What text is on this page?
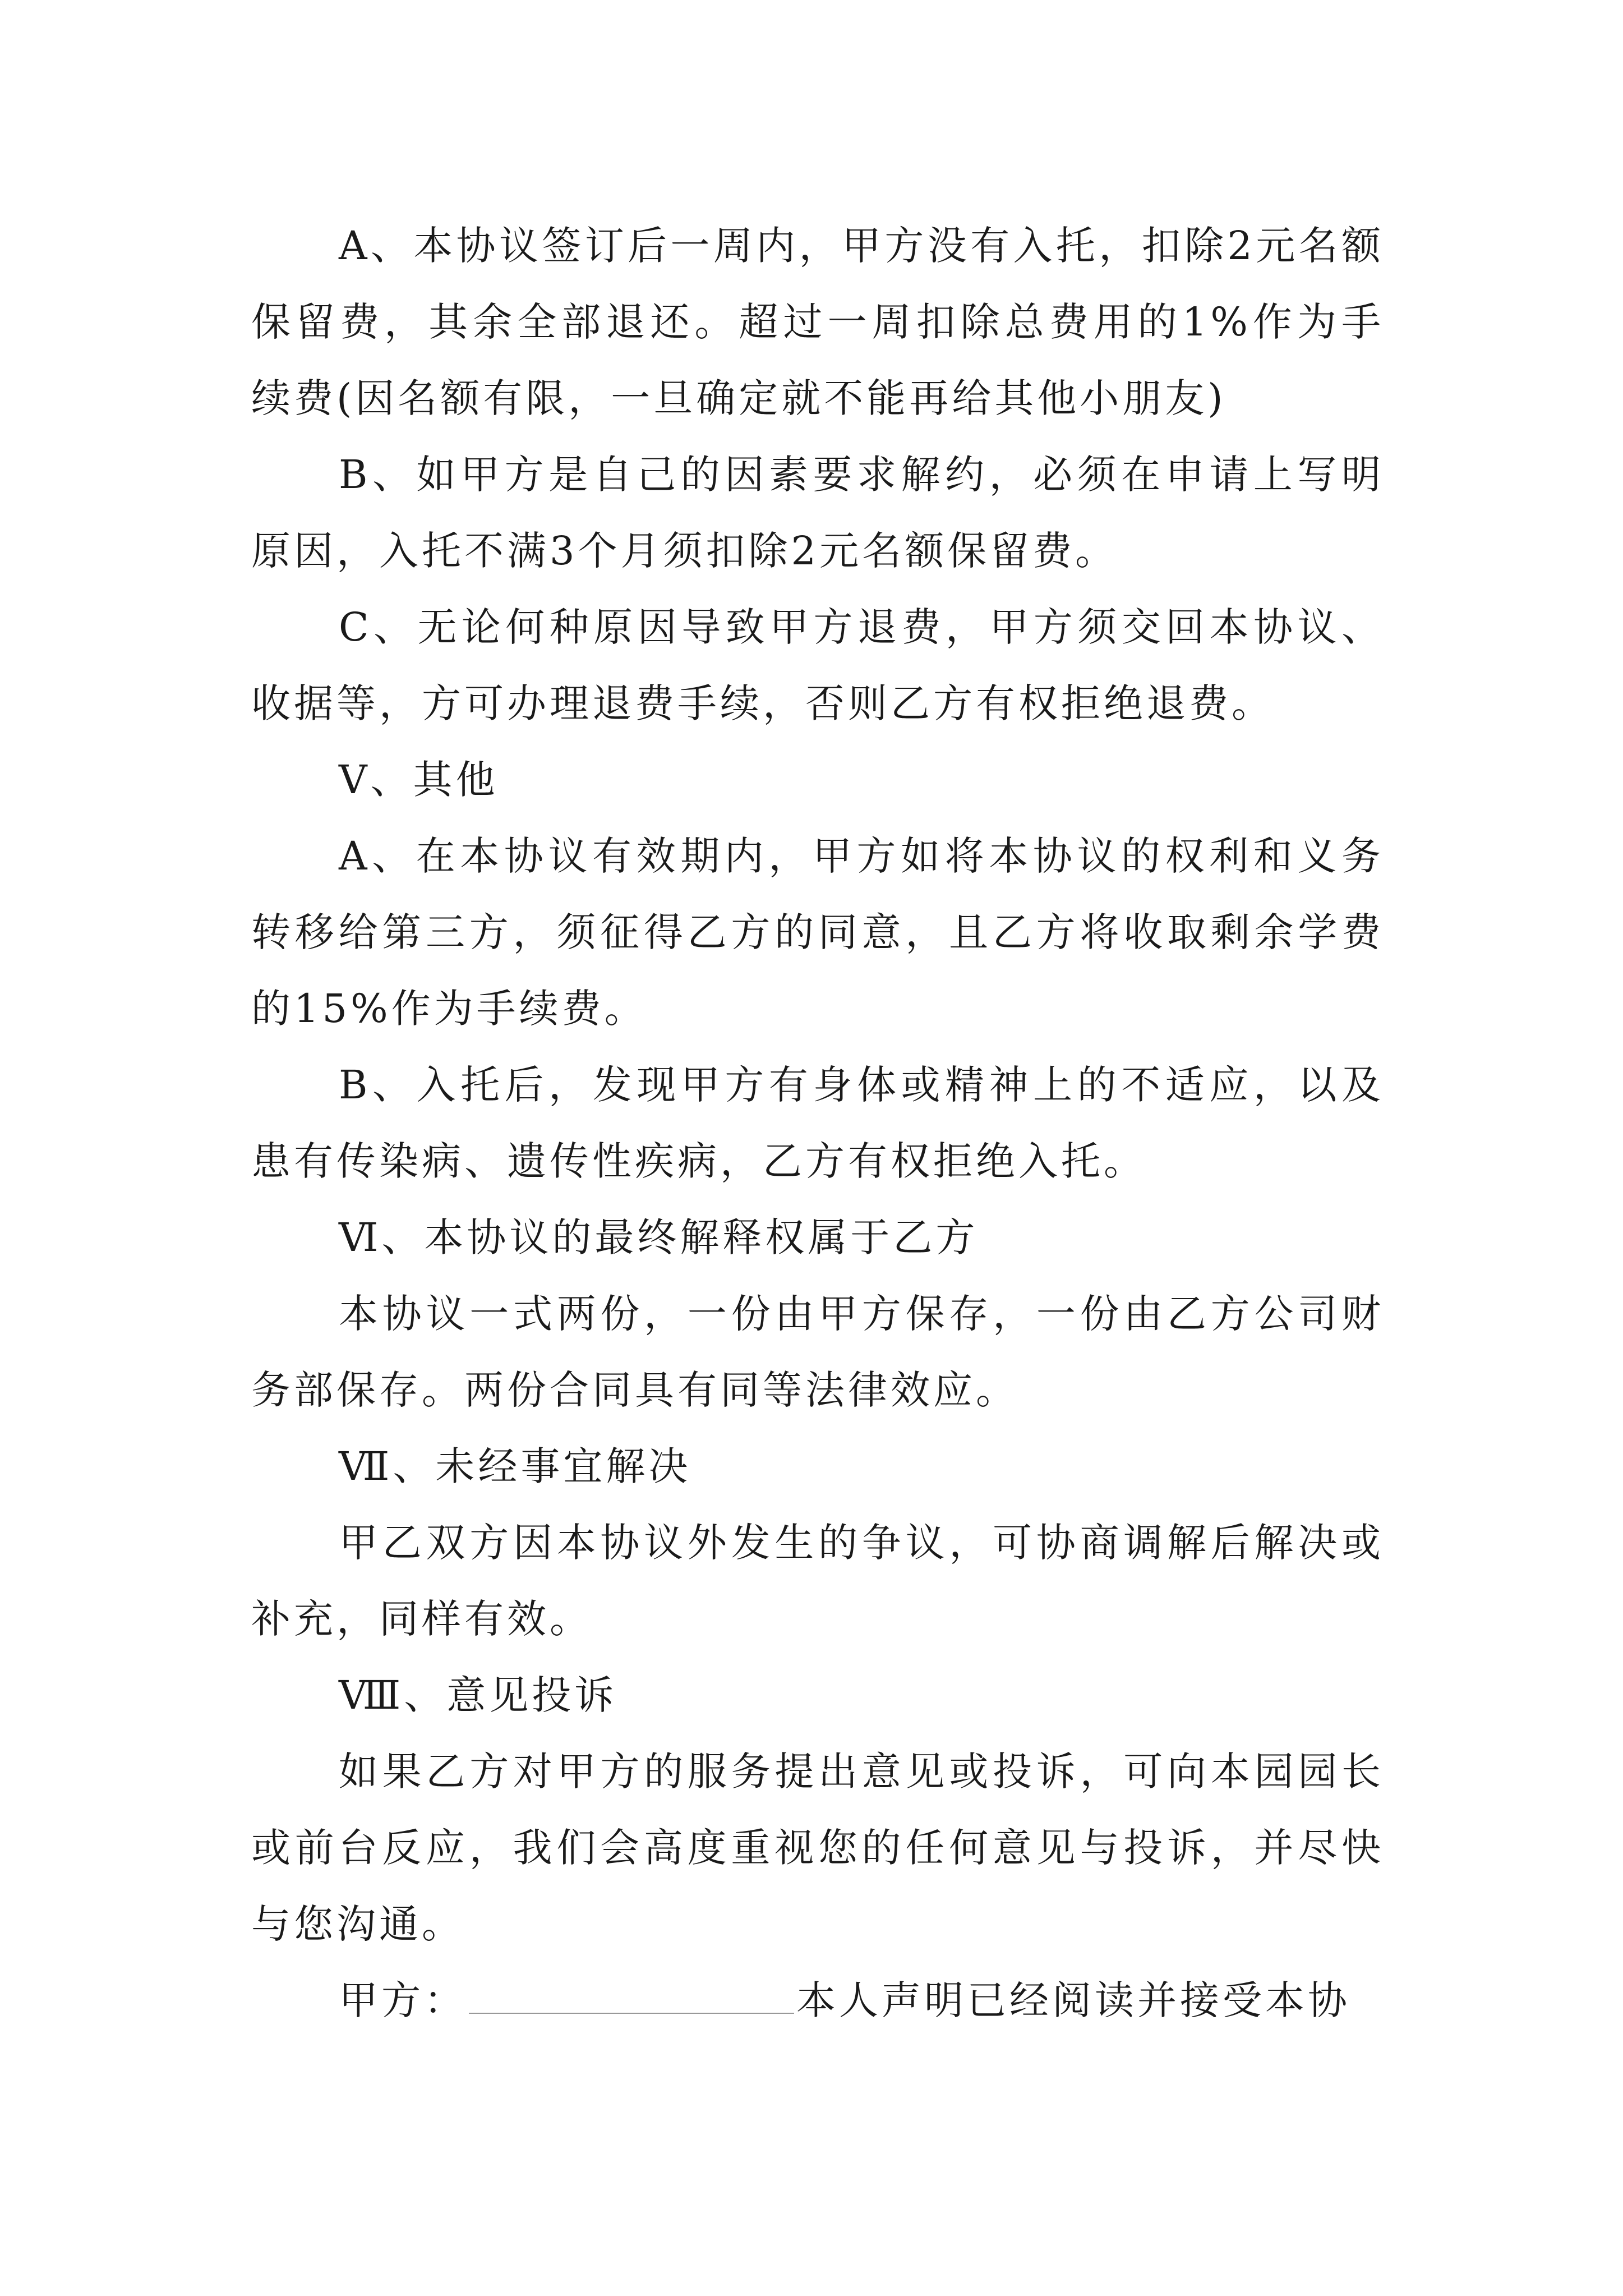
A、本协议签订后一周内，甲方没有入托，扣除2元名额保留费，其余全部退还。超过一周扣除总费用的1%作为手续费(因名额有限，一旦确定就不能再给其他小朋友)

B、如甲方是自己的因素要求解约，必须在申请上写明原因，入托不满3个月须扣除2元名额保留费。

C、无论何种原因导致甲方退费，甲方须交回本协议、收据等，方可办理退费手续，否则乙方有权拒绝退费。

V、其他

A、在本协议有效期内，甲方如将本协议的权利和义务转移给第三方，须征得乙方的同意，且乙方将收取剩余学费的15%作为手续费。

B、入托后，发现甲方有身体或精神上的不适应，以及患有传染病、遗传性疾病，乙方有权拒绝入托。

Ⅵ、本协议的最终解释权属于乙方

本协议一式两份，一份由甲方保存，一份由乙方公司财务部保存。两份合同具有同等法律效应。

Ⅶ、未经事宜解决

甲乙双方因本协议外发生的争议，可协商调解后解决或补充，同样有效。

Ⅷ、意见投诉

如果乙方对甲方的服务提出意见或投诉，可向本园园长或前台反应，我们会高度重视您的任何意见与投诉，并尽快与您沟通。

甲方：	本人声明已经阅读并接受本协
